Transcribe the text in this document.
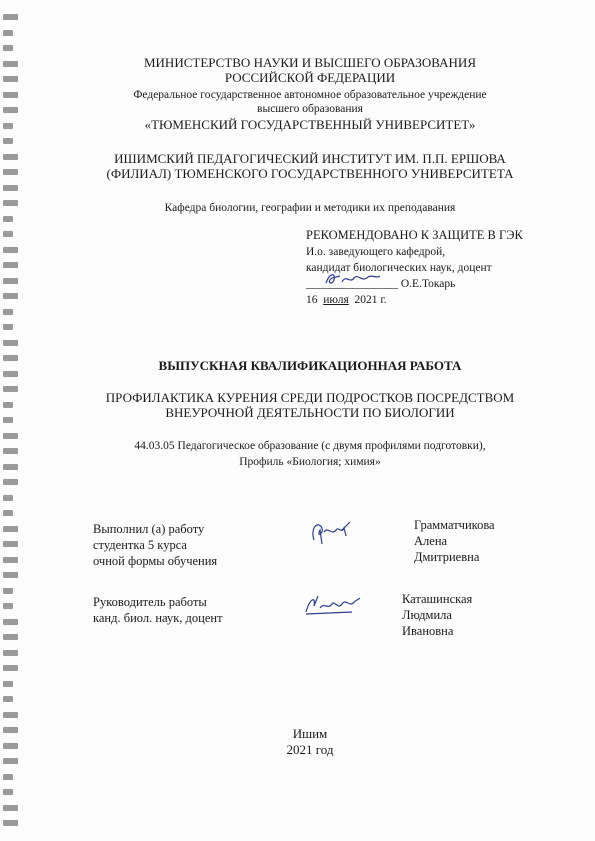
МИНИСТЕРСТВО НАУКИ И ВЫСШЕГО ОБРАЗОВАНИЯ
РОССИЙСКОЙ ФЕДЕРАЦИИ
Федеральное государственное автономное образовательное учреждение
высшего образования
«ТЮМЕНСКИЙ ГОСУДАРСТВЕННЫЙ УНИВЕРСИТЕТ»
ИШИМСКИЙ ПЕДАГОГИЧЕСКИЙ ИНСТИТУТ ИМ. П.П. ЕРШОВА
(ФИЛИАЛ) ТЮМЕНСКОГО ГОСУДАРСТВЕННОГО УНИВЕРСИТЕТА
Кафедра биологии, географии и методики их преподавания
РЕКОМЕНДОВАНО К ЗАЩИТЕ В ГЭК
И.о. заведующего кафедрой,
кандидат биологических наук, доцент
________________ О.Е.Токарь
16 июля 2021 г.
ВЫПУСКНАЯ КВАЛИФИКАЦИОННАЯ РАБОТА
ПРОФИЛАКТИКА КУРЕНИЯ СРЕДИ ПОДРОСТКОВ ПОСРЕДСТВОМ
ВНЕУРОЧНОЙ ДЕЯТЕЛЬНОСТИ ПО БИОЛОГИИ
44.03.05 Педагогическое образование (с двумя профилями подготовки),
Профиль «Биология; химия»
Выполнил (а) работу
студентка 5 курса
очной формы обучения
Грамматчикова
Алена
Дмитриевна
Руководитель работы
канд. биол. наук, доцент
Каташинская
Людмила
Ивановна
Ишим
2021 год
